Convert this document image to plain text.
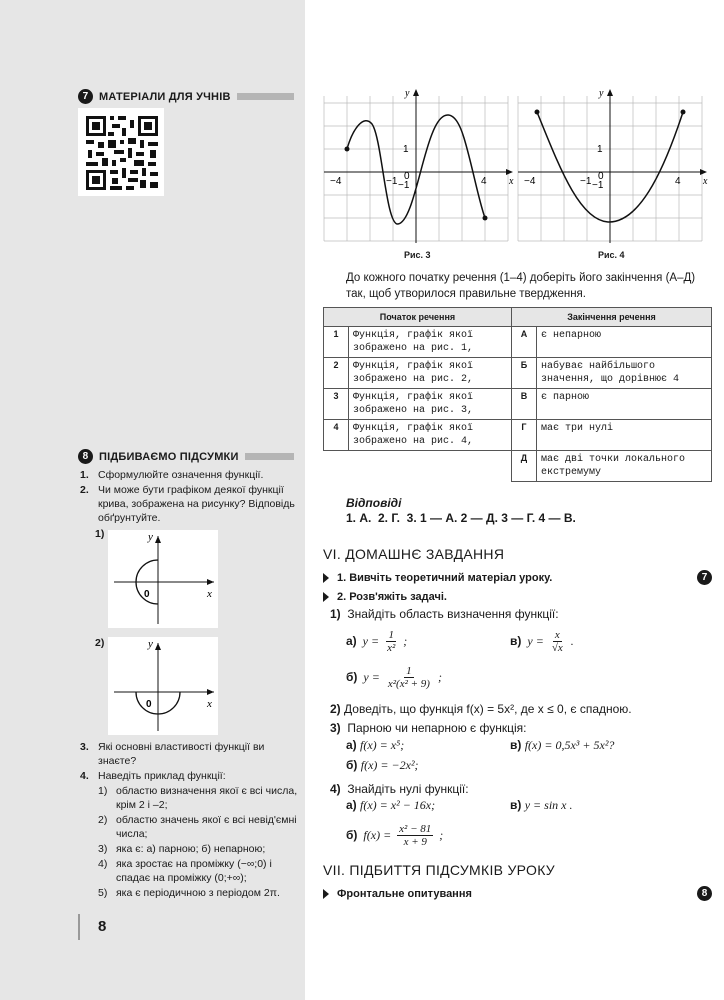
7 МАТЕРІАЛИ ДЛЯ УЧНІВ
8 ПІДБИВАЄМО ПІДСУМКИ
1. Сформулюйте означення функції.
2. Чи може бути графіком деякої функції крива, зображена на рисунку? Відповідь обґрунтуйте.
1)	y
x
0
2)	y
x
0
3. Які основні властивості функції ви знаєте?
4. Наведіть приклад функції:
1) областю визначення якої є всі числа, крім 2 і –2;
2) областю значень якої є всі невід'ємні числа;
3) яка є: а) парною; б) непарною;
4) яка зростає на проміжку (−∞;0) і спадає на проміжку (0;+∞);
5) яка є періодичною з періодом 2π.
8
y
x
1
0
−1
−1
−4	4
Рис. 3
y
x
1
0
−1
−1
−4	4
Рис. 4
До кожного початку речення (1–4) доберіть його закінчення (А–Д) так, щоб утворилося правильне твердження.
Початок речення		Закінчення речення	
1	Функція, графік якої зображено на рис. 1,	А	є непарною
2	Функція, графік якої зображено на рис. 2,	Б	набуває найбільшого значення, що дорівнює 4
3	Функція, графік якої зображено на рис. 3,	В	є парною
4	Функція, графік якої зображено на рис. 4,	Г	має три нулі
		Д	має дві точки локального екстремуму
Відповіді
1. А.  2. Г.  3. 1 — А. 2 — Д. 3 — Г. 4 — В.
VI. ДОМАШНЄ ЗАВДАННЯ
1. Вивчіть теоретичний матеріал уроку.	7
2. Розв'яжіть задачі.
1) Знайдіть область визначення функції:
а) $y = \frac{1}{\text{x²}}$ ;	в) $y = \frac{x}{√x}$ .
б) $y = \frac{1}{\text{x²(x² + 9)}}$ ;
2) Доведіть, що функція f(x) = 5x², де x ≤ 0, є спадною.
3) Парною чи непарною є функція:
а) f(x) = x⁵;	в) f(x) = 0,5x³ + 5x²?
б) f(x) = −2x²;
4) Знайдіть нулі функції:
а) f(x) = x² − 16x;	в) y = sin x .
б) $f(x) = \frac{\text{x² − 81}}{x + 9}$ ;
VII. ПІДБИТТЯ ПІДСУМКІВ УРОКУ
Фронтальне опитування	8
